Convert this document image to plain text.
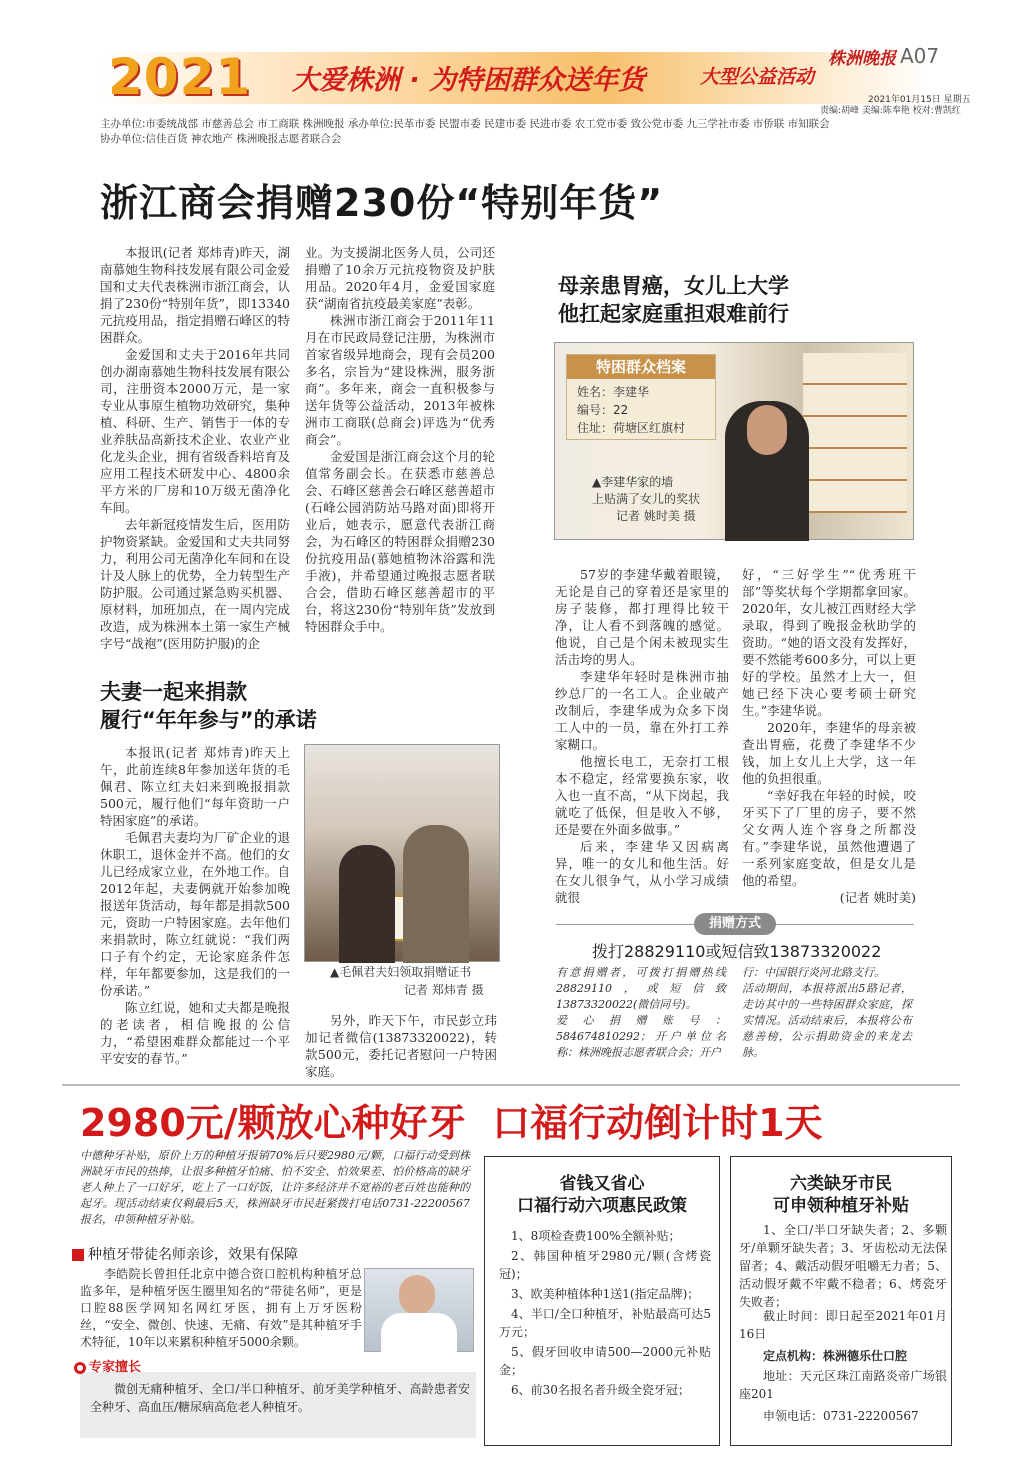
2021 大爱株洲 · 为特困群众送年货	大型公益活动
株洲晚报 A07
2021年01月15日 星期五
责编:胡峰 美编:陈奉艳 校对:曹凯红
主办单位:市委统战部 市慈善总会 市工商联 株洲晚报 承办单位:民革市委 民盟市委 民建市委 民进市委 农工党市委 致公党市委 九三学社市委 市侨联 市知联会
协办单位:信佳百货 神农地产 株洲晚报志愿者联合会
浙江商会捐赠230份“特别年货”

本报讯(记者 郑炜青)昨天，湖南慕她生物科技发展有限公司金爱国和丈夫代表株洲市浙江商会，认捐了230份“特别年货”，即13340元抗疫用品，指定捐赠石峰区的特困群众。

金爱国和丈夫于2016年共同创办湖南慕她生物科技发展有限公司，注册资本2000万元，是一家专业从事原生植物功效研究，集种植、科研、生产、销售于一体的专业养肤品高新技术企业、农业产业化龙头企业，拥有省级香料培育及应用工程技术研发中心、4800余平方米的厂房和10万级无菌净化车间。

去年新冠疫情发生后，医用防护物资紧缺。金爱国和丈夫共同努力，利用公司无菌净化车间和在设计及人脉上的优势，全力转型生产防护服。公司通过紧急购买机器、原材料，加班加点，在一周内完成改造，成为株洲本土第一家生产械字号“战袍”(医用防护服)的企

业。为支援湖北医务人员，公司还捐赠了10余万元抗疫物资及护肤用品。2020年4月，金爱国家庭获“湖南省抗疫最美家庭”表彰。

株洲市浙江商会于2011年11月在市民政局登记注册，为株洲市首家省级异地商会，现有会员200多名，宗旨为“建设株洲，服务浙商”。多年来，商会一直积极参与送年货等公益活动，2013年被株洲市工商联(总商会)评选为“优秀商会”。

金爱国是浙江商会这个月的轮值常务副会长。在获悉市慈善总会、石峰区慈善会石峰区慈善超市(石峰公园消防站马路对面)即将开业后，她表示，愿意代表浙江商会，为石峰区的特困群众捐赠230份抗疫用品(慕她植物沐浴露和洗手液)，并希望通过晚报志愿者联合会，借助石峰区慈善超市的平台，将这230份“特别年货”发放到特困群众手中。

夫妻一起来捐款
履行“年年参与”的承诺

本报讯(记者 郑炜青)昨天上午，此前连续8年参加送年货的毛佩君、陈立红夫妇来到晚报捐款500元，履行他们“每年资助一户特困家庭”的承诺。

毛佩君夫妻均为厂矿企业的退休职工，退休金并不高。他们的女儿已经成家立业，在外地工作。自2012年起，夫妻俩就开始参加晚报送年货活动，每年都是捐款500元，资助一户特困家庭。去年他们来捐款时，陈立红就说：“我们两口子有个约定，无论家庭条件怎样，年年都要参加，这是我们的一份承诺。”

陈立红说，她和丈夫都是晚报的老读者，相信晚报的公信力，“希望困难群众都能过一个平平安安的春节。”

▲毛佩君夫妇领取捐赠证书
记者 郑炜青 摄

另外，昨天下午，市民彭立玮加记者微信(13873320022)，转款500元，委托记者慰问一户特困家庭。

母亲患胃癌，女儿上大学
他扛起家庭重担艰难前行
特困群众档案
姓名：李建华
编号：22
住址：荷塘区红旗村
▲李建华家的墙
上贴满了女儿的奖状
记者 姚时美 摄

57岁的李建华戴着眼镜，无论是自己的穿着还是家里的房子装修，都打理得比较干净，让人看不到落魄的感觉。他说，自己是个闲未被现实生活击垮的男人。

李建华年轻时是株洲市抽纱总厂的一名工人。企业破产改制后，李建华成为众多下岗工人中的一员，靠在外打工养家糊口。

他擅长电工，无奈打工根本不稳定，经常要换东家，收入也一直不高，“从下岗起，我就吃了低保，但是收入不够，还是要在外面多做事。”

后来，李建华又因病离异，唯一的女儿和他生活。好在女儿很争气，从小学习成绩就很

好，“三好学生”“优秀班干部”等奖状每个学期都拿回家。2020年，女儿被江西财经大学录取，得到了晚报金秋助学的资助。“她的语文没有发挥好，要不然能考600多分，可以上更好的学校。虽然才上大一，但她已经下决心要考硕士研究生。”李建华说。

2020年，李建华的母亲被查出胃癌，花费了李建华不少钱，加上女儿上大学，这一年他的负担很重。

“幸好我在年轻的时候，咬牙买下了厂里的房子，要不然父女两人连个容身之所都没有。”李建华说，虽然他遭遇了一系列家庭变故，但是女儿是他的希望。

(记者 姚时美)

捐赠方式
拨打28829110或短信致13873320022
有意捐赠者，可拨打捐赠热线28829110，或短信致13873320022(微信同号)。
爱心捐赠账号：584674810292；开户单位名称：株洲晚报志愿者联合会；开户
行：中国银行炎河北路支行。
活动期间，本报将派出5路记者，走访其中的一些特困群众家庭，探实情况。活动结束后，本报将公布慈善榜，公示捐助资金的来龙去脉。
2980元/颗放心种好牙  口福行动倒计时1天
中德种牙补贴，原价上万的种植牙报销70%后只要2980元/颗，口福行动受到株洲缺牙市民的热捧，让很多种植牙怕痛、怕不安全、怕效果差、怕价格高的缺牙老人种上了一口好牙，吃上了一口好饭，让许多经济并不宽裕的老百姓也能种的起牙。现活动结束仅剩最后5天，株洲缺牙市民赶紧拨打电话0731-22200567报名，申领种植牙补贴。
种植牙带徒名师亲诊，效果有保障
李皓院长曾担任北京中德合资口腔机构种植牙总监多年，是种植牙医生圈里知名的“带徒名师”，更是口腔88医学网知名网红牙医，拥有上万牙医粉丝，“安全、微创、快速、无痛、有效”是其种植牙手术特征，10年以来累积种植牙5000余颗。
专家擅长
微创无痛种植牙、全口/半口种植牙、前牙美学种植牙、高龄患者安全种牙、高血压/糖尿病高危老人种植牙。
省钱又省心
口福行动六项惠民政策

1、8项检查费100%全额补贴；

2、韩国种植牙2980元/颗(含烤瓷冠)；

3、欧美种植体种1送1(指定品牌)；

4、半口/全口种植牙，补贴最高可达5万元；

5、假牙回收申请500—2000元补贴金；

6、前30名报名者升级全瓷牙冠；

六类缺牙市民
可申领种植牙补贴
1、全口/半口牙缺失者；2、多颗牙/单颗牙缺失者；3、牙齿松动无法保留者；4、戴活动假牙咀嚼无力者；5、活动假牙戴不牢戴不稳者；6、烤瓷牙失败者；
截止时间：即日起至2021年01月16日
定点机构：株洲德乐仕口腔
地址：天元区珠江南路炎帝广场银座201
申领电话：0731-22200567
